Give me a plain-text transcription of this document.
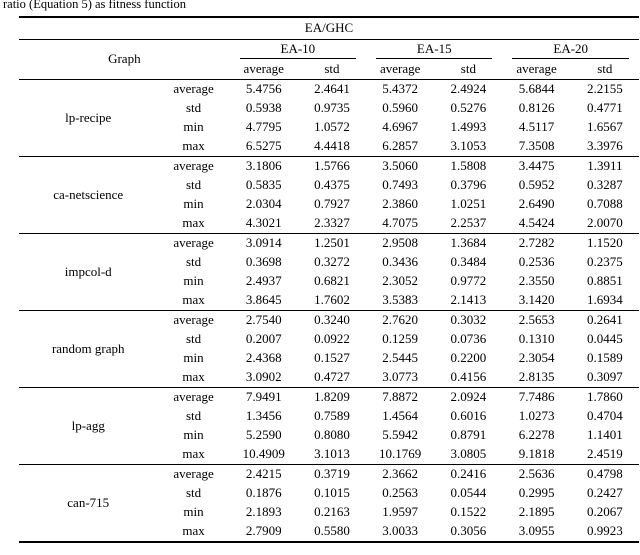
ratio (Equation 5) as fitness function
EA/GHC							
Graph		EA-10		EA-15		EA-20	
		average	std	average	std	average	std
lp-recipe	average	5.4756	2.4641	5.4372	2.4924	5.6844	2.2155
	std	0.5938	0.9735	0.5960	0.5276	0.8126	0.4771
	min	4.7795	1.0572	4.6967	1.4993	4.5117	1.6567
	max	6.5275	4.4418	6.2857	3.1053	7.3508	3.3976
ca-netscience	average	3.1806	1.5766	3.5060	1.5808	3.4475	1.3911
	std	0.5835	0.4375	0.7493	0.3796	0.5952	0.3287
	min	2.0304	0.7927	2.3860	1.0251	2.6490	0.7088
	max	4.3021	2.3327	4.7075	2.2537	4.5424	2.0070
impcol-d	average	3.0914	1.2501	2.9508	1.3684	2.7282	1.1520
	std	0.3698	0.3272	0.3436	0.3484	0.2536	0.2375
	min	2.4937	0.6821	2.3052	0.9772	2.3550	0.8851
	max	3.8645	1.7602	3.5383	2.1413	3.1420	1.6934
random graph	average	2.7540	0.3240	2.7620	0.3032	2.5653	0.2641
	std	0.2007	0.0922	0.1259	0.0736	0.1310	0.0445
	min	2.4368	0.1527	2.5445	0.2200	2.3054	0.1589
	max	3.0902	0.4727	3.0773	0.4156	2.8135	0.3097
lp-agg	average	7.9491	1.8209	7.8872	2.0924	7.7486	1.7860
	std	1.3456	0.7589	1.4564	0.6016	1.0273	0.4704
	min	5.2590	0.8080	5.5942	0.8791	6.2278	1.1401
	max	10.4909	3.1013	10.1769	3.0805	9.1818	2.4519
can-715	average	2.4215	0.3719	2.3662	0.2416	2.5636	0.4798
	std	0.1876	0.1015	0.2563	0.0544	0.2995	0.2427
	min	2.1893	0.2163	1.9597	0.1522	2.1895	0.2067
	max	2.7909	0.5580	3.0033	0.3056	3.0955	0.9923
